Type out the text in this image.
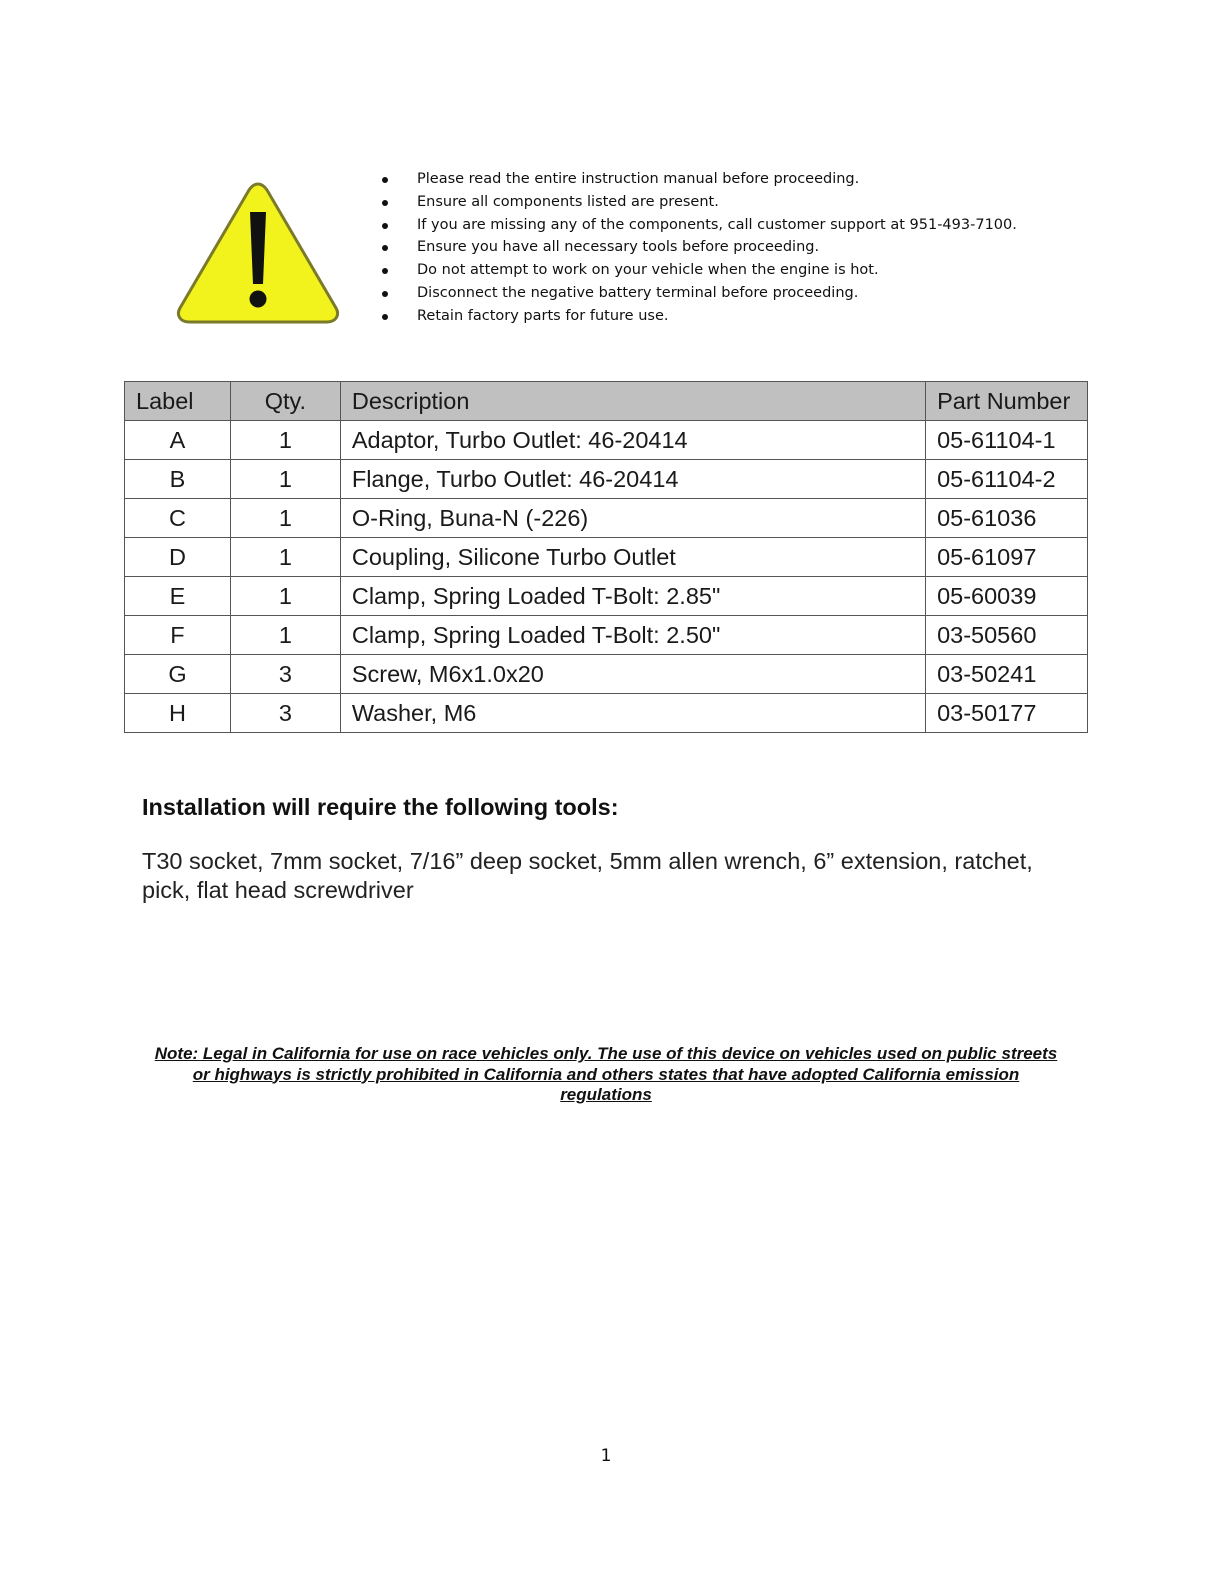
Please read the entire instruction manual before proceeding.
Ensure all components listed are present.
If you are missing any of the components, call customer support at 951-493-7100.
Ensure you have all necessary tools before proceeding.
Do not attempt to work on your vehicle when the engine is hot.
Disconnect the negative battery terminal before proceeding.
Retain factory parts for future use.
Label	Qty.	Description	Part Number
A	1	Adaptor, Turbo Outlet: 46-20414	05-61104-1
B	1	Flange, Turbo Outlet: 46-20414	05-61104-2
C	1	O-Ring, Buna-N (-226)	05-61036
D	1	Coupling, Silicone Turbo Outlet	05-61097
E	1	Clamp, Spring Loaded T-Bolt: 2.85"	05-60039
F	1	Clamp, Spring Loaded T-Bolt: 2.50"	03-50560
G	3	Screw, M6x1.0x20	03-50241
H	3	Washer, M6	03-50177
Installation will require the following tools:

T30 socket, 7mm socket, 7/16” deep socket, 5mm allen wrench, 6” extension, ratchet, pick, flat head screwdriver

Note: Legal in California for use on race vehicles only. The use of this device on vehicles used on public streets or highways is strictly prohibited in California and others states that have adopted California emission regulations

1
